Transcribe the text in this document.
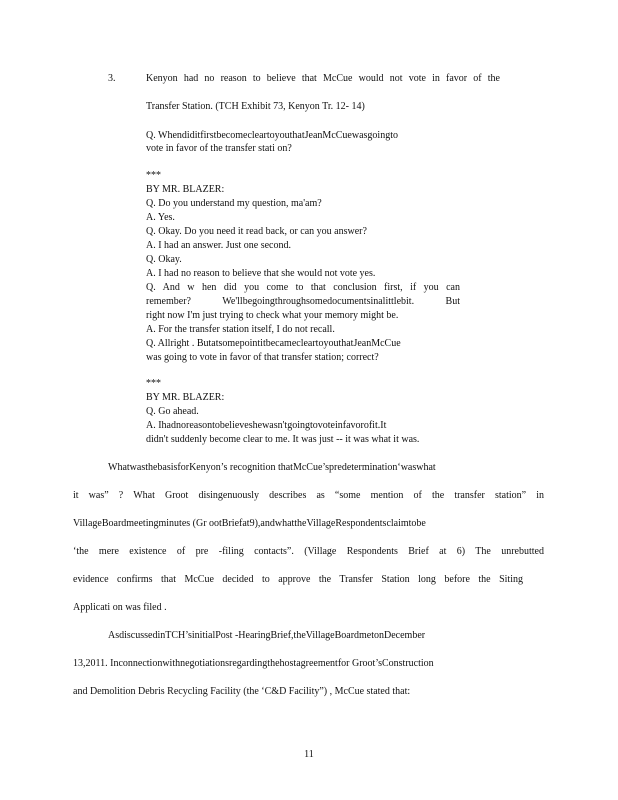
3.	Kenyon had no reason to believe that McCue would not vote in favor of the
Transfer Station. (TCH Exhibit 73, Kenyon Tr. 12- 14)
Q. WhendiditfirstbecomecleartoyouthatJeanMcCuewasgoingto
vote in favor of the transfer stati on?
***
BY MR. BLAZER:
Q. Do you understand my question, ma'am?
A. Yes.
Q. Okay. Do you need it read back, or can you answer?
A. I had an answer. Just one second.
Q. Okay.
A. I had no reason to believe that she would not vote yes.
Q. And w hen did you come to that conclusion first, if you can
remember? We'llbegoingthroughsomedocumentsinalittlebit. But
right now I'm just trying to check what your memory might be.
A. For the transfer station itself, I do not recall.
Q. Allright . ButatsomepointitbecamecleartoyouthatJeanMcCue
was going to vote in favor of that transfer station; correct?
***
BY MR. BLAZER:
Q. Go ahead.
A. Ihadnoreasontobelieveshewasn'tgoingtovoteinfavorofit.It
didn't suddenly become clear to me. It was just -- it was what it was.
WhatwasthebasisforKenyon’s recognition thatMcCue’spredetermination‘waswhat
it was” ? What Groot disingenuously describes as “some mention of the transfer station” in
VillageBoardmeetingminutes (Gr ootBriefat9),andwhattheVillageRespondentsclaimtobe
‘the mere existence of pre -filing contacts”. (Village Respondents Brief at 6) The unrebutted
evidence confirms that McCue decided to approve the Transfer Station long before the Siting
Applicati on was filed .
AsdiscussedinTCH’sinitialPost -HearingBrief,theVillageBoardmetonDecember
13,2011. Inconnectionwithnegotiationsregardingthehostagreementfor Groot’sConstruction
and Demolition Debris Recycling Facility (the ‘C&D Facility”) , McCue stated that:
11
